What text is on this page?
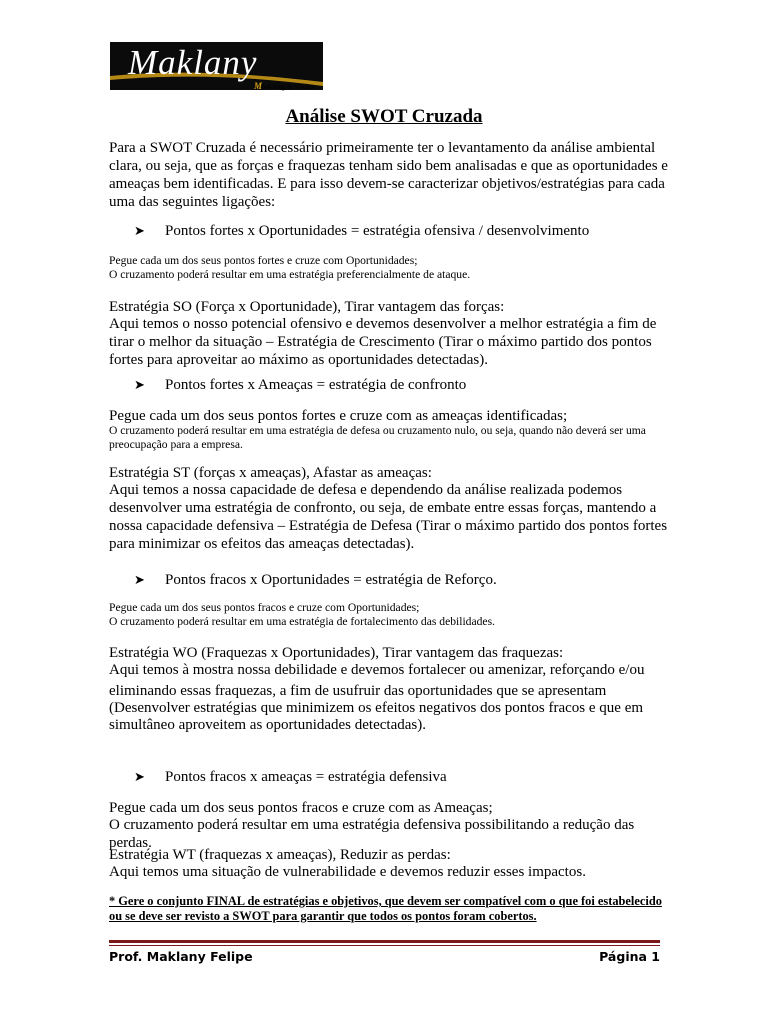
Maklany
Marketing & Vendas
Análise SWOT Cruzada

Para a SWOT Cruzada é necessário primeiramente ter o levantamento da análise ambiental clara, ou seja, que as forças e fraquezas tenham sido bem analisadas e que as oportunidades e ameaças bem identificadas. E para isso devem-se caracterizar objetivos/estratégias para cada uma das seguintes ligações:

➤ Pontos fortes x Oportunidades = estratégia ofensiva / desenvolvimento

Pegue cada um dos seus pontos fortes e cruze com Oportunidades;

O cruzamento poderá resultar em uma estratégia preferencialmente de ataque.

Estratégia SO (Força x Oportunidade), Tirar vantagem das forças:

Aqui temos o nosso potencial ofensivo e devemos desenvolver a melhor estratégia a fim de tirar o melhor da situação – Estratégia de Crescimento (Tirar o máximo partido dos pontos fortes para aproveitar ao máximo as oportunidades detectadas).

➤ Pontos fortes x Ameaças = estratégia de confronto

Pegue cada um dos seus pontos fortes e cruze com as ameaças identificadas;

O cruzamento poderá resultar em uma estratégia de defesa ou cruzamento nulo, ou seja, quando não deverá ser uma preocupação para a empresa.

Estratégia ST (forças x ameaças), Afastar as ameaças:

Aqui temos a nossa capacidade de defesa e dependendo da análise realizada podemos desenvolver uma estratégia de confronto, ou seja, de embate entre essas forças, mantendo a nossa capacidade defensiva – Estratégia de Defesa (Tirar o máximo partido dos pontos fortes para minimizar os efeitos das ameaças detectadas).

➤ Pontos fracos x Oportunidades = estratégia de Reforço.

Pegue cada um dos seus pontos fracos e cruze com Oportunidades;

O cruzamento poderá resultar em uma estratégia de fortalecimento das debilidades.

Estratégia WO (Fraquezas x Oportunidades), Tirar vantagem das fraquezas:

Aqui temos à mostra nossa debilidade e devemos fortalecer ou amenizar, reforçando e/ou

eliminando essas fraquezas, a fim de usufruir das oportunidades que se apresentam

(Desenvolver estratégias que minimizem os efeitos negativos dos pontos fracos e que em

simultâneo aproveitem as oportunidades detectadas).

➤ Pontos fracos x ameaças = estratégia defensiva

Pegue cada um dos seus pontos fracos e cruze com as Ameaças;

O cruzamento poderá resultar em uma estratégia defensiva possibilitando a redução das perdas.

Estratégia WT (fraquezas x ameaças), Reduzir as perdas:

Aqui temos uma situação de vulnerabilidade e devemos reduzir esses impactos.

* Gere o conjunto FINAL de estratégias e objetivos, que devem ser compatível com o que foi estabelecido ou se deve ser revisto a SWOT para garantir que todos os pontos foram cobertos.

Prof. Maklany Felipe	Página 1
